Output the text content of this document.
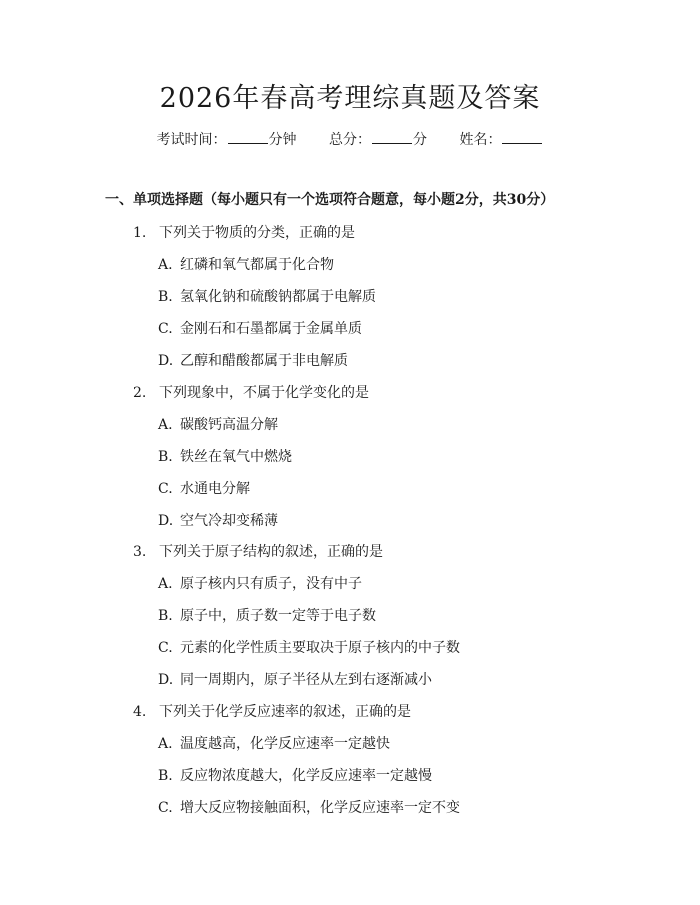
2026年春高考理综真题及答案
考试时间：	分钟 总分：	分 姓名：
一、单项选择题（每小题只有一个选项符合题意，每小题2分，共30分）
1. 下列关于物质的分类，正确的是
A. 红磷和氧气都属于化合物
B. 氢氧化钠和硫酸钠都属于电解质
C. 金刚石和石墨都属于金属单质
D. 乙醇和醋酸都属于非电解质
2. 下列现象中，不属于化学变化的是
A. 碳酸钙高温分解
B. 铁丝在氧气中燃烧
C. 水通电分解
D. 空气冷却变稀薄
3. 下列关于原子结构的叙述，正确的是
A. 原子核内只有质子，没有中子
B. 原子中，质子数一定等于电子数
C. 元素的化学性质主要取决于原子核内的中子数
D. 同一周期内，原子半径从左到右逐渐减小
4. 下列关于化学反应速率的叙述，正确的是
A. 温度越高，化学反应速率一定越快
B. 反应物浓度越大，化学反应速率一定越慢
C. 增大反应物接触面积，化学反应速率一定不变
